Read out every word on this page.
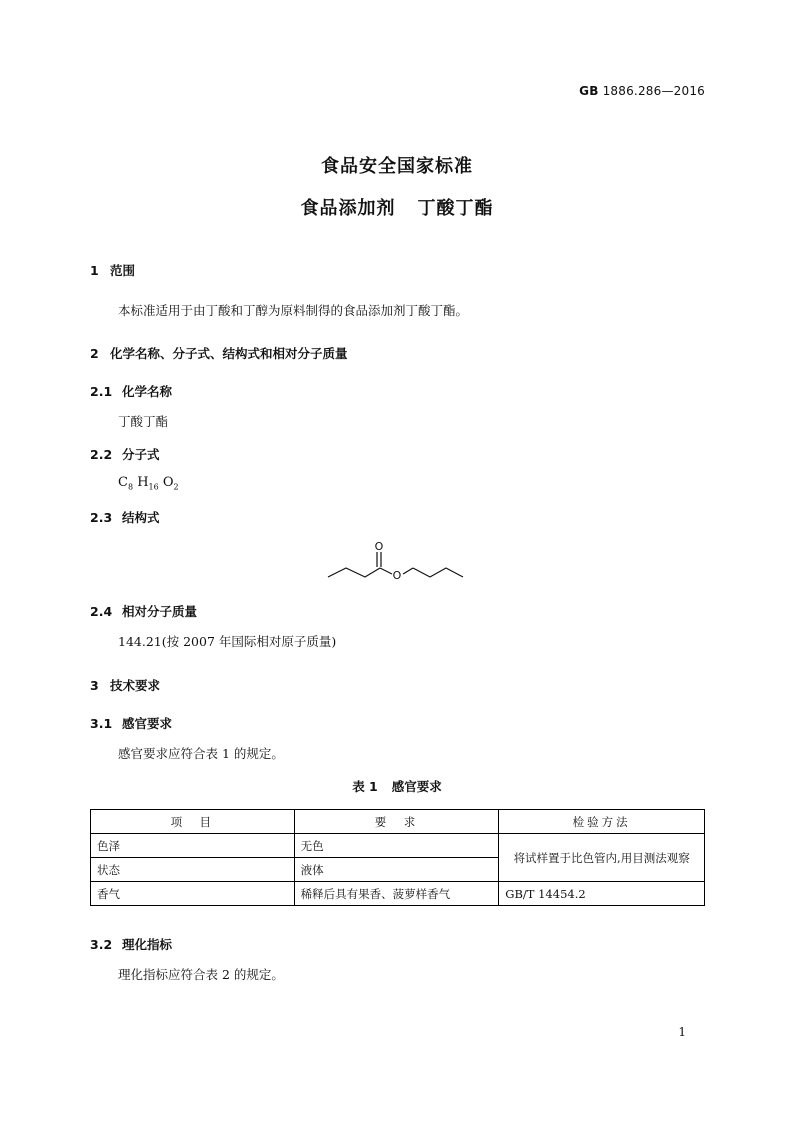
GB 1886.286—2016
食品安全国家标准
食品添加剂 丁酸丁酯
1 范围
本标准适用于由丁酸和丁醇为原料制得的食品添加剂丁酸丁酯。
2 化学名称、分子式、结构式和相对分子质量
2.1 化学名称
丁酸丁酯
2.2 分子式
$C_8$ $H_{16}$ $O_2$
2.3 结构式
O
O
2.4 相对分子质量
144.21(按 2007 年国际相对原子质量)
3 技术要求
3.1 感官要求
感官要求应符合表 1 的规定。
表 1 感官要求
项　目	要　求	检验方法
色泽	无色	将试样置于比色管内,用目测法观察
状态	液体	
香气	稀释后具有果香、菠萝样香气	GB/T 14454.2
3.2 理化指标
理化指标应符合表 2 的规定。
1
